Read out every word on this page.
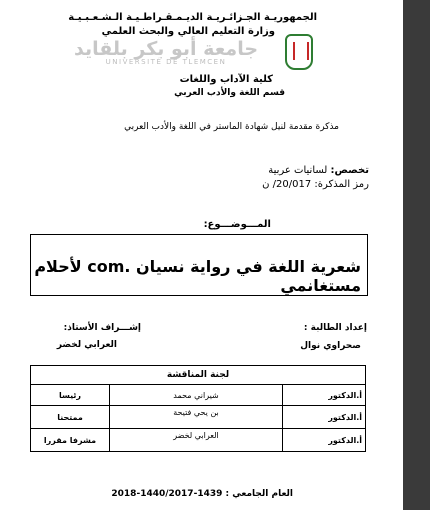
الجمهوريـة الجـزائـريـة الديـمـقـراطـيـة الـشـعـبـيـة
وزارة التعليم العالي والبحث العلمي
جامعة أبو بكر بلقايد
UNIVERSITÉ DE TLEMCEN
كلية الآداب واللغات
قسم اللغة والأدب العربي
مذكرة مقدمة لنيل شهادة الماستر في اللغة والأدب العربي
تخصص: لسانيات عربية
رمز المذكرة: 20/017/ ن
المـــوضـــوع:
شعرية اللغة في رواية نسيان .com لأحلام مستغانمي
إعداد الطالبة :
صحراوي نوال
إشـــراف الأستاذ:
العرابي لخضر
لجنة المناقشة		
أ.الدكتور	شيراني محمد	رئيسا
أ.الدكتور	بن يحي فتيحة	ممتحنا
أ.الدكتور	العرابي لخضر	مشرفا مقررا
العام الجامعي : 1439-1440/2017-2018
